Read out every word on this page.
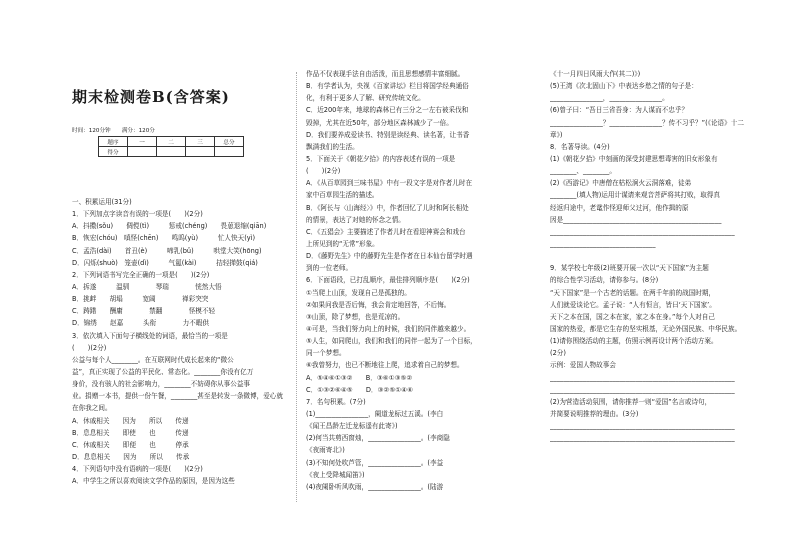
期末检测卷B(含答案)
时间：120分钟　　满分：120分
题序	一	二	三	总分
得分				
一、积累运用(31分)
1．下列加点字读音有误的一项是(　　)(2分)
A．抖擞(sǒu)　　倜傥(tì)　　　惩戒(chéng)　　畏葸退缩(qiān)
B．恢宏(chóu)　嗔怪(chēn)　　鸣呜(yù)　　　忙人快天(yì)
C．孟浩(dài)　　首丑(è)　　　啼乳(bǔ)　　　哄堂大笑(hōng)
D．闪烁(shuò)　笼壶(dì)　　　气氲(kài)　　　拮轻掸鼓(qiá)
2．下列词语书写完全正确的一项是(　　)(2分)
A．拆遂　　　温驯　　　　琴瑞　　　　恍然大悟
B．挑衅　　胡塌　　　宽阔　　　　禅彩突突
C．踌躇　　酬庸　　　　禁翻　　　　怪模不轻
D．锦绣　　赵嘉　　　头衔　　　　力不暇供
3．依次填入下面句子横线处的词语，最恰当的一项是
(　　)(2分)
公益与每个人________。在互联网时代成长起来的“微公
益”，真正实现了公益的平民化、常态化。________你没有亿万
身价，没有骇人的社会影响力，________不妨碍你从事公益事
业。捐赠一本书，提供一份午餐，________甚至是转发一条微博，爱心就
在你我之间。
A．休戚相关　　因为　　所以　　传递
B．息息相关　　即使　　也　　　传递
C．休戚相关　　即便　　也　　　停承
D．息息相关　　因为　　所以　　传承
4．下列语句中没有语病的一项是(　　)(2分)
A．中学生之所以喜欢阅读文学作品的原因，是因为这些
作品不仅表现手法自由活泼，而且思想感情丰富细腻。
B．有学者认为，央视《百家讲坛》栏目将国学经典通俗
化，有利于更多人了解、研究传统文化。
C．近200年来，地球的森林已有三分之一左右被采伐和
毁掉，尤其在近50年，部分地区森林减少了一倍。
D．我们要养成爱读书、特别是读经典、读名著，让书香
飘满我们的生活。
5．下面关于《朝花夕拾》的内容表述有误的一项是
(　　)(2分)
A．《从百草园到三味书屋》中有一段文字是对作者儿时在
家中百草园生活的描述。
B．《阿长与〈山海经〉》中，作者回忆了儿时和阿长相处
的情景，表达了对她的怀念之情。
C．《五猖会》主要描述了作者儿时在看迎神赛会和戏台
上所见到的“无常”形象。
D．《藤野先生》中的藤野先生是作者在日本仙台留学时遇
到的一位老师。
6．下面语段，已打乱顺序，最佳排列顺序是(　　)(2分)
①当爬上山顶，发现自己是孤独的。
②如果问我是否后悔，我会肯定地回答，不后悔。
③山顶，除了梦想，也是荒凉的。
④可是，当我们努力向上的时候，我们的同伴越来越少。
⑤人生，如同爬山，我们和我们的同伴一起为了一个目标，
同一个梦想。
⑥我曾努力，也已不断地往上爬，追求着自己的梦想。
A．⑤④⑥①③②　　B．③⑥①③⑤②
C．①③②⑥④⑤　　D．③②⑤①④⑥
7．名句积累。(7分)
(1)________________，阑道龙标过五溪。(李白
《闻王昌龄左迁龙标遥有此寄》)
(2)何当共剪西窗烛，________________。(李商隐
《夜雨寄北》)
(3)不知何处吹芦管，________________。(李益
《夜上受降城闻笛》)
(4)夜阑卧听风吹雨，________________。(陆游
《十一月四日风雨大作(其二)》)
(5)王湾《次北固山下》中表达乡愁之情的句子是：
________________，________________。
(6)曾子曰：“吾日三省吾身：为人谋而不忠乎？
________________？________________？传不习乎？”(《论语》十二
章》)
8．名著导读。(4分)
(1)《朝花夕拾》中刻画的深受封建思想毒害的旧女形象有
________、________。
(2)《西游记》中唐僧在枯松涧火云洞落难，徒弟
________(填人物)运用计谋请来观音菩萨将其打败，取得真
经返归途中，老鼋作怪迎师父过河，他作揖的原
因是________________________________________________
________________________________________________________
________________________________
9．某学校七年级(2)班要开展一次以“天下国家”为主题
的综合性学习活动，请你参与。(8分)
“天下国家”是一个古老的话题。在两千年前的战国时期，
人们就爱谈论它。孟子说：“人有恒言，皆曰‘天下国家’。
天下之本在国，国之本在家，家之本在身。”每个人对自己
国家的热爱，都是它生存的坚实根基，无论外国民族、中华民族。
(1)请你围绕活动的主题，仿照示例再设计两个活动方案。
(2分)
示例：爱国人物故事会
________________________________________________________
________________________________________________________
(2)为营造活动氛围，请你推荐一则“爱国”名言或诗句，
并简要说明推荐的理由。(3分)
________________________________________________________
________________________________________________________
